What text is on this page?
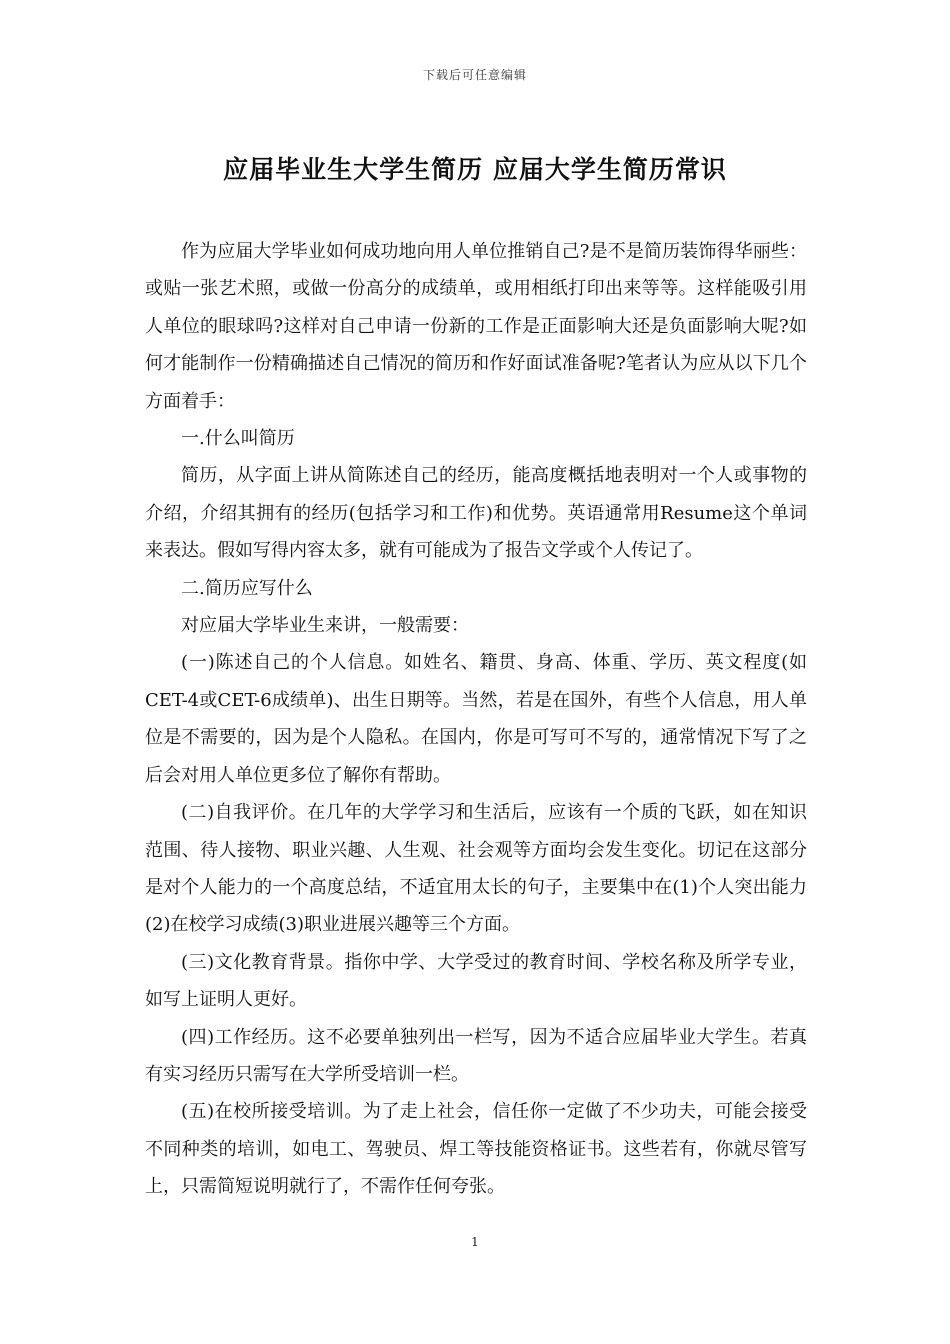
下载后可任意编辑
应届毕业生大学生简历 应届大学生简历常识

作为应届大学毕业如何成功地向用人单位推销自己?是不是简历装饰得华丽些：或贴一张艺术照，或做一份高分的成绩单，或用相纸打印出来等等。这样能吸引用人单位的眼球吗?这样对自己申请一份新的工作是正面影响大还是负面影响大呢?如何才能制作一份精确描述自己情况的简历和作好面试准备呢?笔者认为应从以下几个方面着手：

一.什么叫简历

简历，从字面上讲从简陈述自己的经历，能高度概括地表明对一个人或事物的介绍，介绍其拥有的经历(包括学习和工作)和优势。英语通常用Resume这个单词来表达。假如写得内容太多，就有可能成为了报告文学或个人传记了。

二.简历应写什么

对应届大学毕业生来讲，一般需要：

(一)陈述自己的个人信息。如姓名、籍贯、身高、体重、学历、英文程度(如CET-4或CET-6成绩单)、出生日期等。当然，若是在国外，有些个人信息，用人单位是不需要的，因为是个人隐私。在国内，你是可写可不写的，通常情况下写了之后会对用人单位更多位了解你有帮助。

(二)自我评价。在几年的大学学习和生活后，应该有一个质的飞跃，如在知识范围、待人接物、职业兴趣、人生观、社会观等方面均会发生变化。切记在这部分是对个人能力的一个高度总结，不适宜用太长的句子，主要集中在(1)个人突出能力(2)在校学习成绩(3)职业进展兴趣等三个方面。

(三)文化教育背景。指你中学、大学受过的教育时间、学校名称及所学专业，如写上证明人更好。

(四)工作经历。这不必要单独列出一栏写，因为不适合应届毕业大学生。若真有实习经历只需写在大学所受培训一栏。

(五)在校所接受培训。为了走上社会，信任你一定做了不少功夫，可能会接受不同种类的培训，如电工、驾驶员、焊工等技能资格证书。这些若有，你就尽管写上，只需简短说明就行了，不需作任何夸张。

1
